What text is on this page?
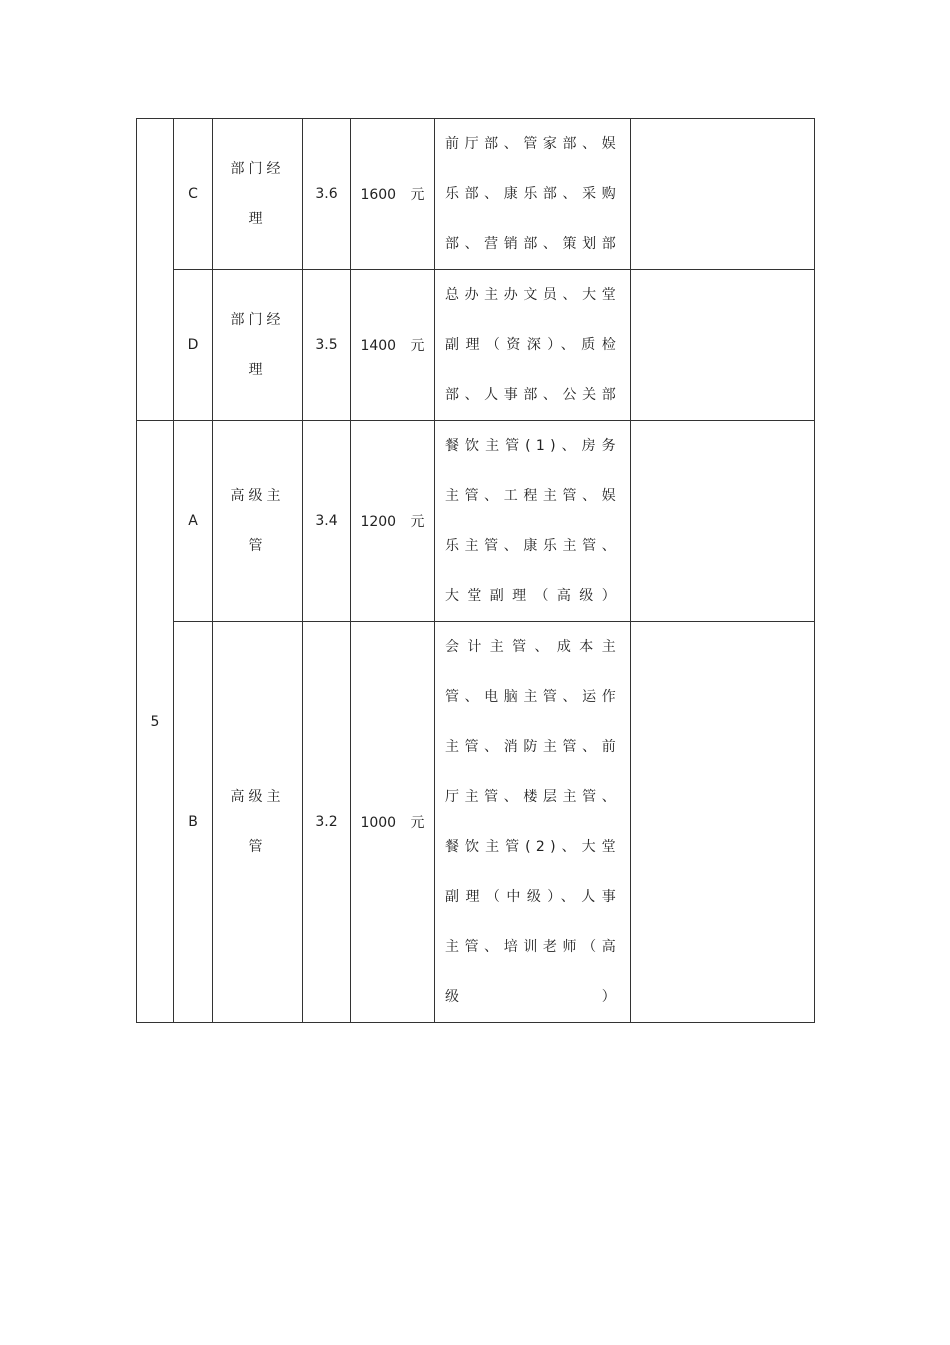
	C	部门经理	3.6	1600 元	前厅部、管家部、娱乐部、康乐部、采购部、营销部、策划部	

	D	部门经理	3.5	1400 元	总办主办文员、大堂副理（资深）、质检部、人事部、公关部	

5	A	高级主管	3.4	1200 元	餐饮主管(1)、房务主管、工程主管、娱乐主管、康乐主管、大堂副理（高级）	

	B	高级主管	3.2	1000 元	会计主管、成本主管、电脑主管、运作主管、消防主管、前厅主管、楼层主管、餐饮主管(2)、大堂副理（中级）、人事主管、培训老师（高级）	
